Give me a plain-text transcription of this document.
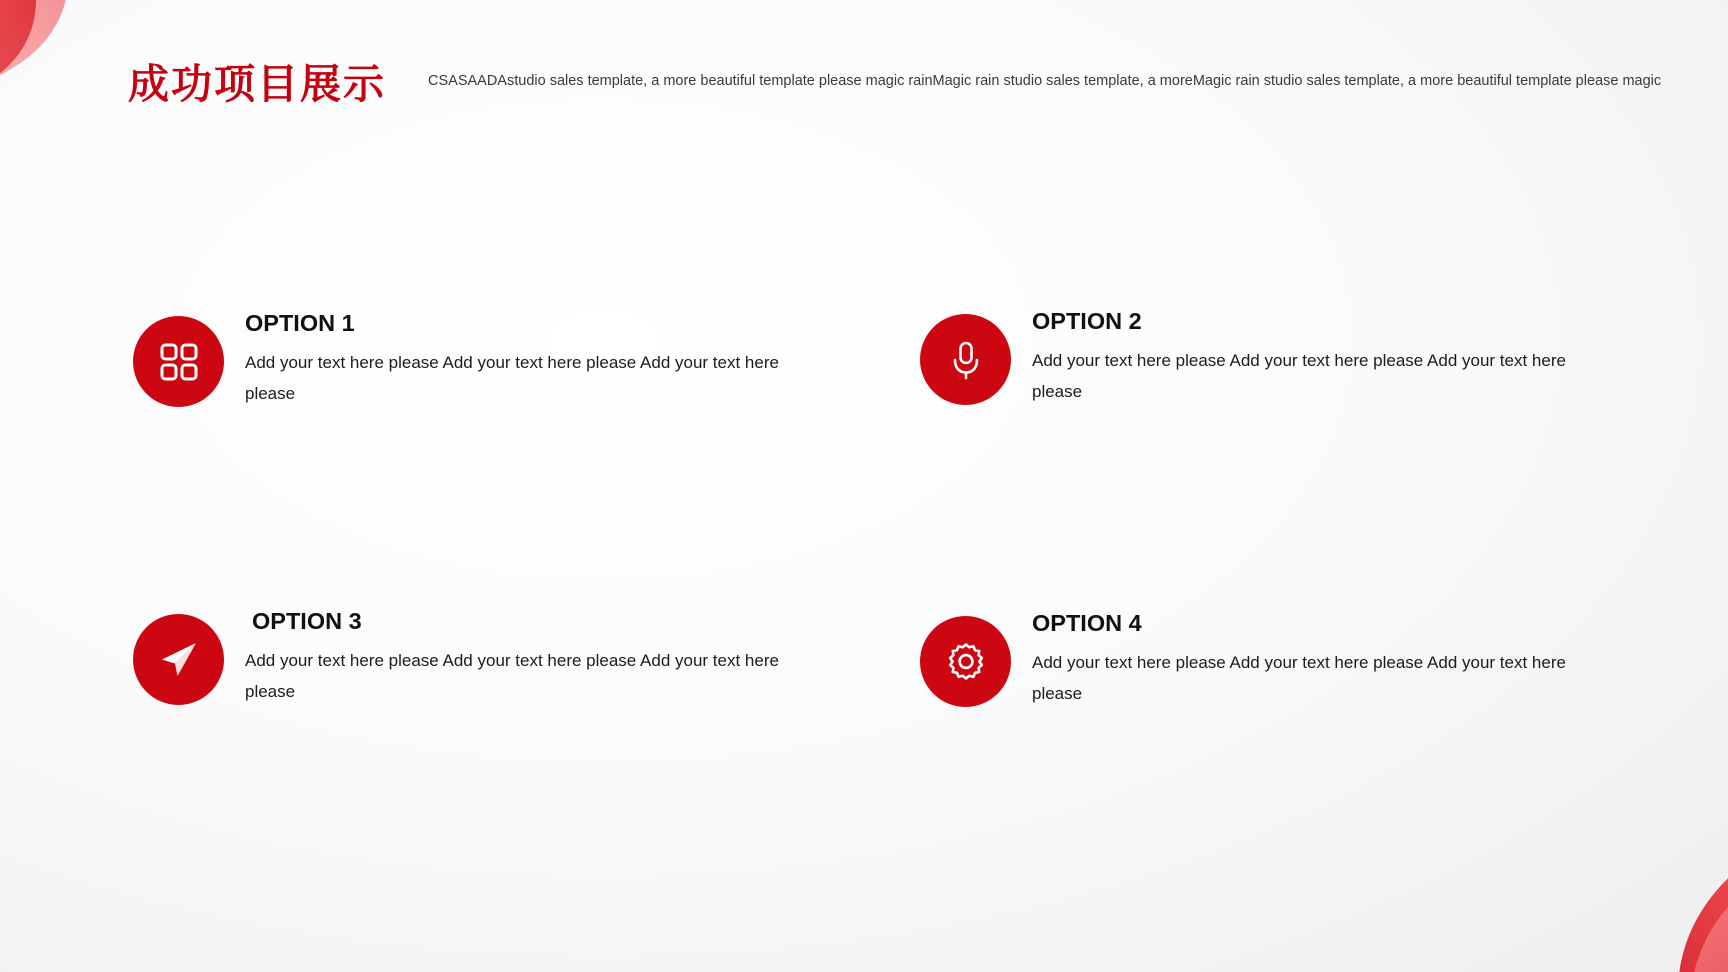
成功项目展示	CSASAADAstudio sales template, a more beautiful template please magic rainMagic rain studio sales template, a moreMagic rain studio sales template, a more beautiful template please magic
OPTION 1
Add your text here please Add your text here please Add your text here please
OPTION 2
Add your text here please Add your text here please Add your text here please
OPTION 3
Add your text here please Add your text here please Add your text here please
OPTION 4
Add your text here please Add your text here please Add your text here please
